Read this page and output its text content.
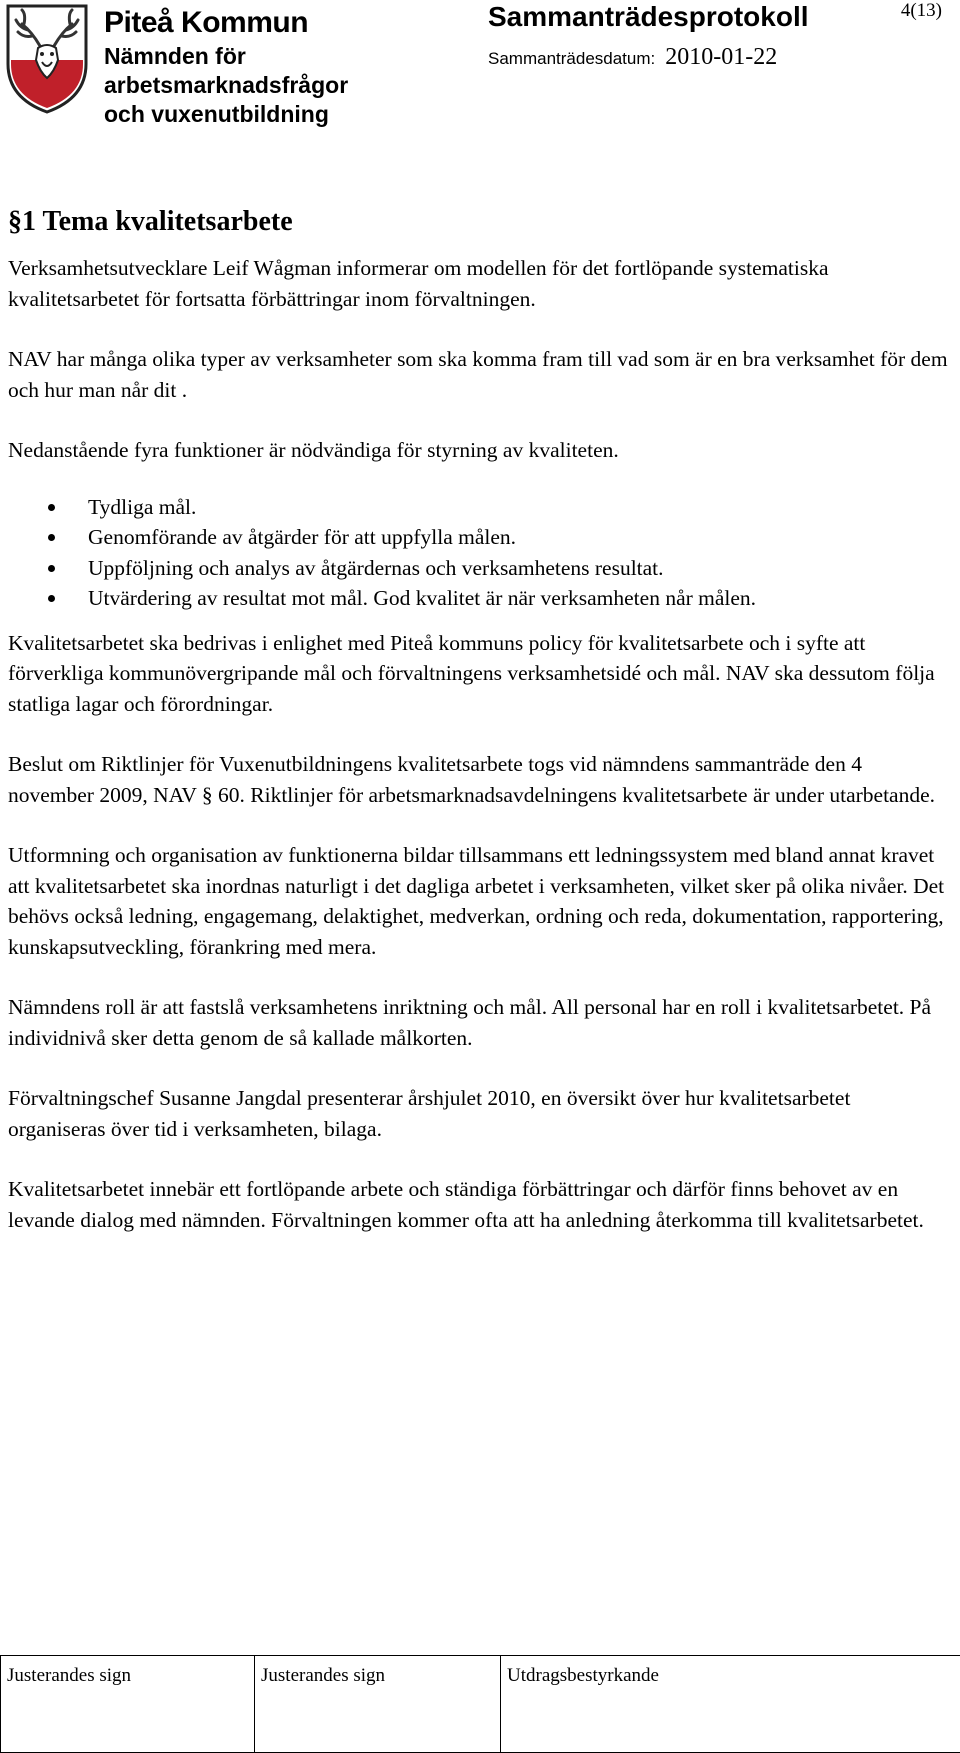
Piteå Kommun
Nämnden för
arbetsmarknadsfrågor
och vuxenutbildning
Sammanträdesprotokoll
Sammanträdesdatum: 2010-01-22
4(13)
§1 Tema kvalitetsarbete

Verksamhetsutvecklare Leif Wågman informerar om modellen för det fortlöpande systematiska kvalitetsarbetet för fortsatta förbättringar inom förvaltningen.

NAV har många olika typer av verksamheter som ska komma fram till vad som är en bra verksamhet för dem och hur man når dit .

Nedanstående fyra funktioner är nödvändiga för styrning av kvaliteten.

Tydliga mål.
Genomförande av åtgärder för att uppfylla målen.
Uppföljning och analys av åtgärdernas och verksamhetens resultat.
Utvärdering av resultat mot mål. God kvalitet är när verksamheten når målen.

Kvalitetsarbetet ska bedrivas i enlighet med Piteå kommuns policy för kvalitetsarbete och i syfte att förverkliga kommunövergripande mål och förvaltningens verksamhetsidé och mål. NAV ska dessutom följa statliga lagar och förordningar.

Beslut om Riktlinjer för Vuxenutbildningens kvalitetsarbete togs vid nämndens sammanträde den 4 november 2009, NAV § 60. Riktlinjer för arbetsmarknadsavdelningens kvalitetsarbete är under utarbetande.

Utformning och organisation av funktionerna bildar tillsammans ett ledningssystem med bland annat kravet att kvalitetsarbetet ska inordnas naturligt i det dagliga arbetet i verksamheten, vilket sker på olika nivåer. Det behövs också ledning, engagemang, delaktighet, medverkan, ordning och reda, dokumentation, rapportering, kunskapsutveckling, förankring med mera.

Nämndens roll är att fastslå verksamhetens inriktning och mål. All personal har en roll i kvalitetsarbetet. På individnivå sker detta genom de så kallade målkorten.

Förvaltningschef Susanne Jangdal presenterar årshjulet 2010, en översikt över hur kvalitetsarbetet organiseras över tid i verksamheten, bilaga.

Kvalitetsarbetet innebär ett fortlöpande arbete och ständiga förbättringar och därför finns behovet av en levande dialog med nämnden. Förvaltningen kommer ofta att ha anledning återkomma till kvalitetsarbetet.

Justerandes sign	Justerandes sign	Utdragsbestyrkande
